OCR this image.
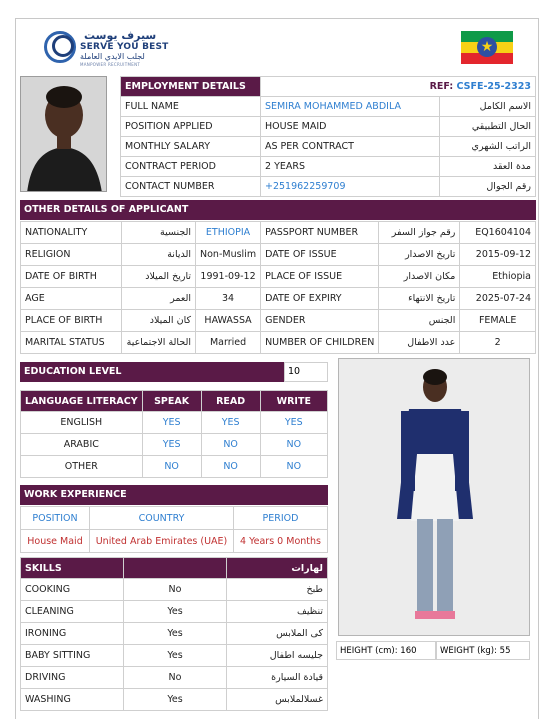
سيرف يوست
SERVE YOU BEST
لجلب الايدي العاملة
MANPOWER RECRUITMENT
★
EMPLOYMENT DETAILS	REF: CSFE-25-2323	
FULL NAME	SEMIRA MOHAMMED ABDILA	الاسم الكامل
POSITION APPLIED	HOUSE MAID	الحال التطبيقي
MONTHLY SALARY	AS PER CONTRACT	الراتب الشهري
CONTRACT PERIOD	2 YEARS	مدة العقد
CONTACT NUMBER	+251962259709	رقم الجوال
OTHER DETAILS OF APPLICANT
NATIONALITY	الجنسية	ETHIOPIA	PASSPORT NUMBER	رقم جواز السفر	EQ1604104
RELIGION	الديانة	Non-Muslim	DATE OF ISSUE	تاريخ الاصدار	2015-09-12
DATE OF BIRTH	تاريخ الميلاد	1991-09-12	PLACE OF ISSUE	مكان الاصدار	Ethiopia
AGE	العمر	34	DATE OF EXPIRY	تاريخ الانتهاء	2025-07-24
PLACE OF BIRTH	كان الميلاد	HAWASSA	GENDER	الجنس	FEMALE
MARITAL STATUS	الحالة الاجتماعية	Married	NUMBER OF CHILDREN	عدد الاطفال	2
EDUCATION LEVEL	10
LANGUAGE LITERACY	SPEAK	READ	WRITE
ENGLISH	YES	YES	YES
ARABIC	YES	NO	NO
OTHER	NO	NO	NO
WORK EXPERIENCE
POSITION	COUNTRY	PERIOD
House Maid	United Arab Emirates (UAE)	4 Years 0 Months
SKILLS		لهارات
COOKING	No	طبخ
CLEANING	Yes	تنظيف
IRONING	Yes	كى الملابس
BABY SITTING	Yes	جليسه اطفال
DRIVING	No	قيادة السيارة
WASHING	Yes	غسلالملابس
HEIGHT (cm): 160	WEIGHT (kg): 55
